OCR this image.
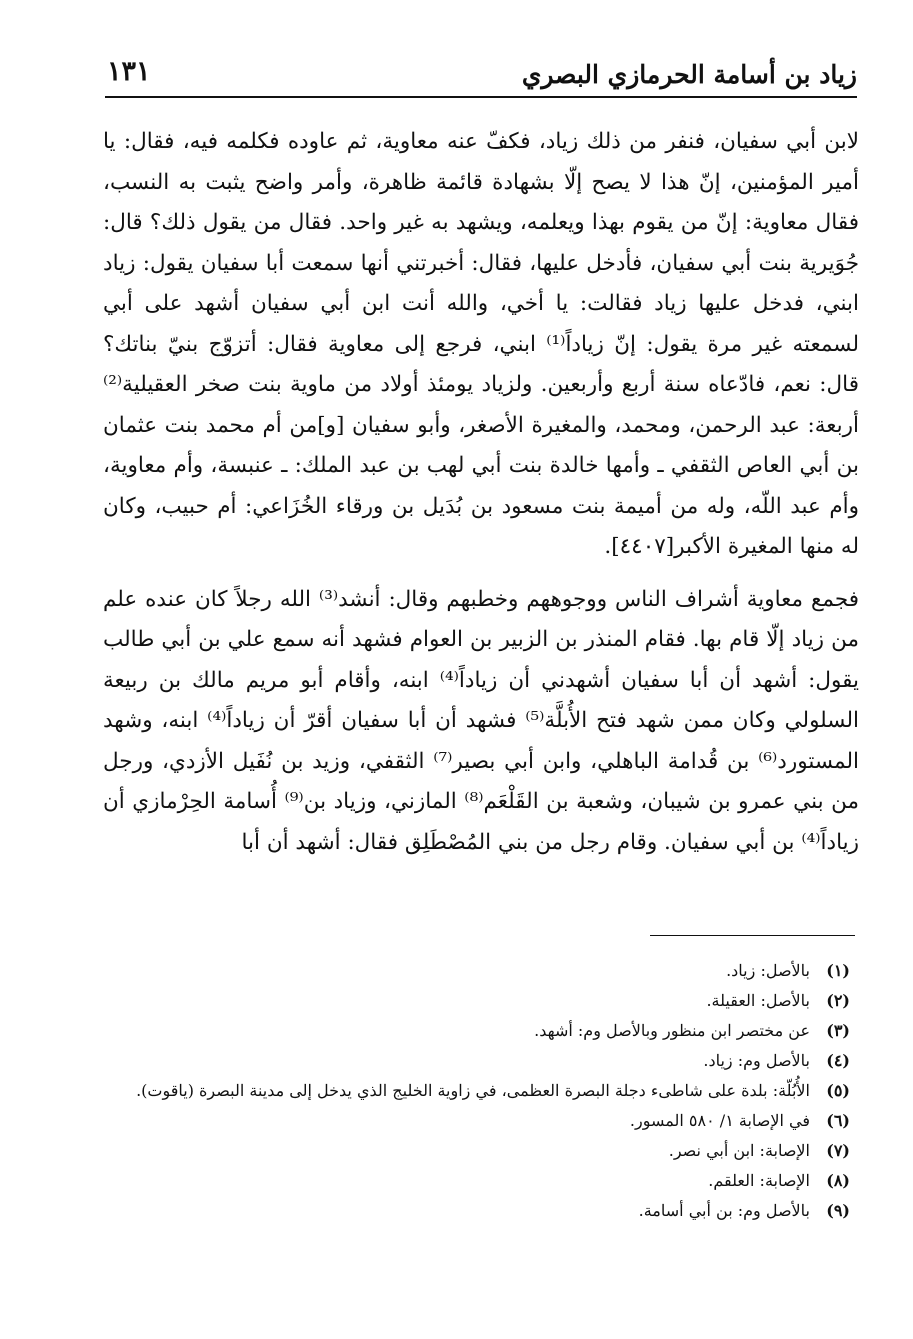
زياد بن أسامة الحرمازي البصري
١٣١

لابن أبي سفيان، فنفر من ذلك زياد، فكفّ عنه معاوية، ثم عاوده فكلمه فيه، فقال: يا أمير المؤمنين، إنّ هذا لا يصح إلّا بشهادة قائمة ظاهرة، وأمر واضح يثبت به النسب، فقال معاوية: إنّ من يقوم بهذا ويعلمه، ويشهد به غير واحد. فقال من يقول ذلك؟ قال: جُوَيرية بنت أبي سفيان، فأدخل عليها، فقال: أخبرتني أنها سمعت أبا سفيان يقول: زياد ابني، فدخل عليها زياد فقالت: يا أخي، والله أنت ابن أبي سفيان أشهد على أبي لسمعته غير مرة يقول: إنّ زياداً⁽¹⁾ ابني، فرجع إلى معاوية فقال: أتزوّج بنيّ بناتك؟ قال: نعم، فادّعاه سنة أربع وأربعين. ولزياد يومئذ أولاد من ماوية بنت صخر العقيلية⁽²⁾ أربعة: عبد الرحمن، ومحمد، والمغيرة الأصغر، وأبو سفيان [و]من أم محمد بنت عثمان بن أبي العاص الثقفي ـ وأمها خالدة بنت أبي لهب بن عبد الملك: ـ عنبسة، وأم معاوية، وأم عبد اللّه، وله من أميمة بنت مسعود بن بُدَيل بن ورقاء الخُزَاعي: أم حبيب، وكان له منها المغيرة الأكبر[٤٤٠٧].

فجمع معاوية أشراف الناس ووجوههم وخطبهم وقال: أنشد⁽³⁾ الله رجلاً كان عنده علم من زياد إلّا قام بها. فقام المنذر بن الزبير بن العوام فشهد أنه سمع علي بن أبي طالب يقول: أشهد أن أبا سفيان أشهدني أن زياداً⁽⁴⁾ ابنه، وأقام أبو مريم مالك بن ربيعة السلولي وكان ممن شهد فتح الأُبلَّة⁽⁵⁾ فشهد أن أبا سفيان أقرّ أن زياداً⁽⁴⁾ ابنه، وشهد المستورد⁽⁶⁾ بن قُدامة الباهلي، وابن أبي بصير⁽⁷⁾ الثقفي، وزيد بن نُفَيل الأزدي، ورجل من بني عمرو بن شيبان، وشعبة بن القَلْعَم⁽⁸⁾ المازني، وزياد بن⁽⁹⁾ أُسامة الحِرْمازي أن زياداً⁽⁴⁾ بن أبي سفيان. وقام رجل من بني المُصْطَلِق فقال: أشهد أن أبا

(١)
بالأصل: زياد.
(٢)
بالأصل: العقيلة.
(٣)
عن مختصر ابن منظور وبالأصل وم: أشهد.
(٤)
بالأصل وم: زياد.
(٥)
الأُبُلّة: بلدة على شاطىء دجلة البصرة العظمى، في زاوية الخليج الذي يدخل إلى مدينة البصرة (ياقوت).
(٦)
في الإصابة ١/ ٥٨٠ المسور.
(٧)
الإصابة: ابن أبي نصر.
(٨)
الإصابة: العلقم.
(٩)
بالأصل وم: بن أبي أسامة.
